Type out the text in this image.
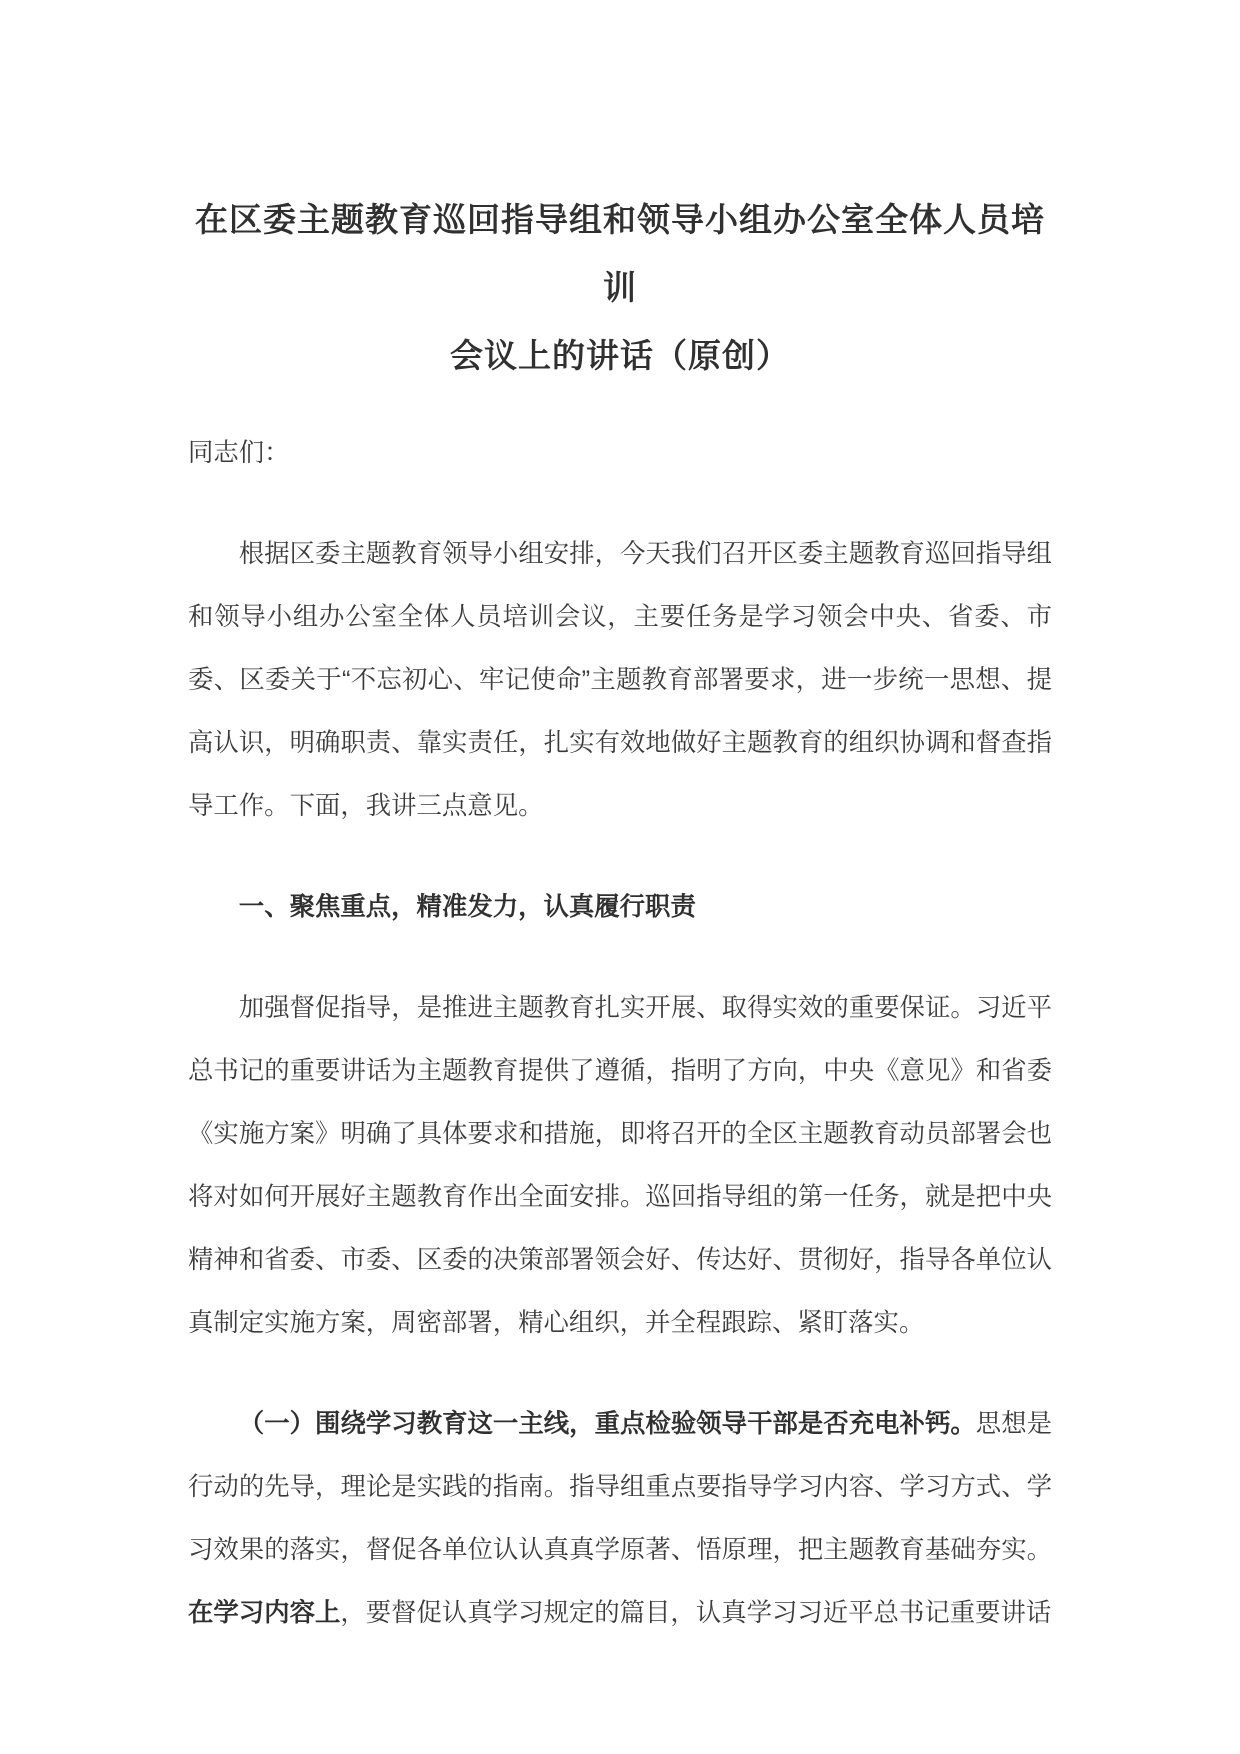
在区委主题教育巡回指导组和领导小组办公室全体人员培训
会议上的讲话（原创）

同志们：

根据区委主题教育领导小组安排，今天我们召开区委主题教育巡回指导组和领导小组办公室全体人员培训会议，主要任务是学习领会中央、省委、市委、区委关于“不忘初心、牢记使命”主题教育部署要求，进一步统一思想、提高认识，明确职责、靠实责任，扎实有效地做好主题教育的组织协调和督查指导工作。下面，我讲三点意见。

一、聚焦重点，精准发力，认真履行职责

加强督促指导，是推进主题教育扎实开展、取得实效的重要保证。习近平总书记的重要讲话为主题教育提供了遵循，指明了方向，中央《意见》和省委《实施方案》明确了具体要求和措施，即将召开的全区主题教育动员部署会也将对如何开展好主题教育作出全面安排。巡回指导组的第一任务，就是把中央精神和省委、市委、区委的决策部署领会好、传达好、贯彻好，指导各单位认真制定实施方案，周密部署，精心组织，并全程跟踪、紧盯落实。

（一）围绕学习教育这一主线，重点检验领导干部是否充电补钙。思想是行动的先导，理论是实践的指南。指导组重点要指导学习内容、学习方式、学习效果的落实，督促各单位认认真真学原著、悟原理，把主题教育基础夯实。在学习内容上，要督促认真学习规定的篇目，认真学习习近平总书记重要讲话
